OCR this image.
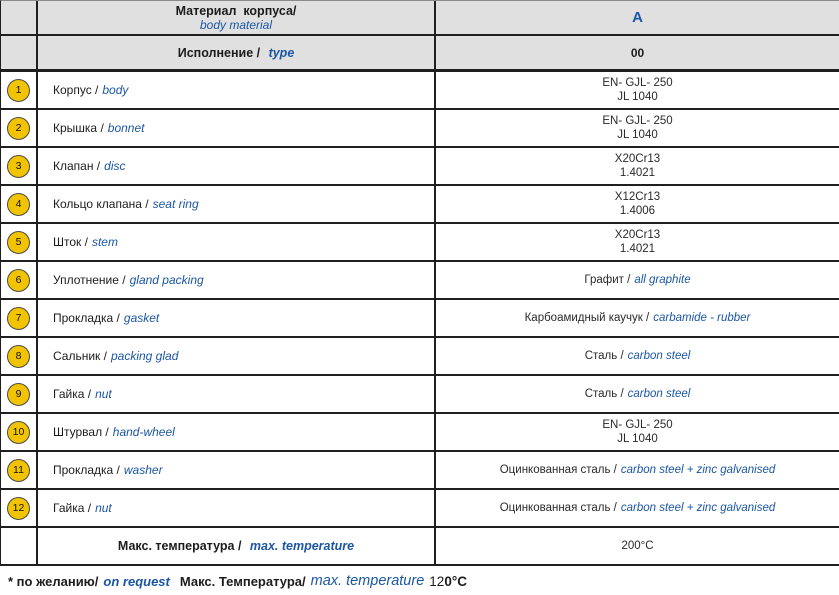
Материал  корпуса/
body material	A
Исполнение / type	00
1	Корпус / body	EN- GJL- 250
JL 1040
2	Крышка / bonnet	EN- GJL- 250
JL 1040
3	Клапан / disc	X20Cr13
1.4021
4	Кольцо клапана / seat ring	X12Cr13
1.4006
5	Шток / stem	X20Cr13
1.4021
6	Уплотнение / gland packing	Графит / all graphite
7	Прокладка / gasket	Карбоамидный каучук / carbamide - rubber
8	Сальник / packing glad	Сталь / carbon steel
9	Гайка / nut	Сталь / carbon steel
10	Штурвал / hand-wheel	EN- GJL- 250
JL 1040
11	Прокладка / washer	Оцинкованная сталь / carbon steel + zinc galvanised
12	Гайка / nut	Оцинкованная сталь / carbon steel + zinc galvanised
Макс. температура / max. temperature	200°С
* по желанию/ on request Макс. Температура/ max. temperature 12 0°С
